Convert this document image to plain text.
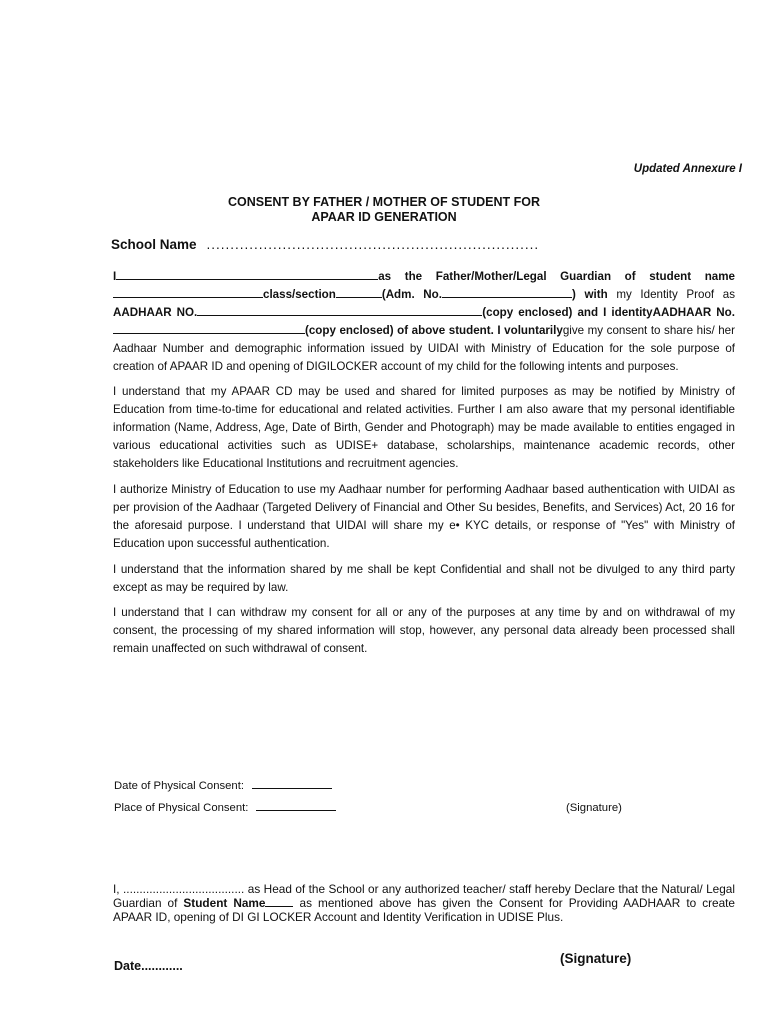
Updated Annexure I
CONSENT BY FATHER / MOTHER OF STUDENT FOR
APAAR ID GENERATION
School Name ......................................................................

I	as the Father/Mother/Legal Guardian of student nameclass/section	(Adm. No.	) with my Identity Proof as AADHAAR NO.	(copy enclosed) and I identityAADHAAR No.(copy enclosed) of above student. I voluntarilygive my consent to share his/ her Aadhaar Number and demographic information issued by UIDAI with Ministry of Education for the sole purpose of creation of APAAR ID and opening of DIGILOCKER account of my child for the following intents and purposes.

I understand that my APAAR CD may be used and shared for limited purposes as may be notified by Ministry of Education from time-to-time for educational and related activities. Further I am also aware that my personal identifiable information (Name, Address, Age, Date of Birth, Gender and Photograph) may be made available to entities engaged in various educational activities such as UDISE+ database, scholarships, maintenance academic records, other stakeholders like Educational Institutions and recruitment agencies.

I authorize Ministry of Education to use my Aadhaar number for performing Aadhaar based authentication with UIDAI as per provision of the Aadhaar (Targeted Delivery of Financial and Other Su besides, Benefits, and Services) Act, 20 16 for the aforesaid purpose. I understand that UIDAI will share my e• KYC details, or response of "Yes" with Ministry of Education upon successful authentication.

I understand that the information shared by me shall be kept Confidential and shall not be divulged to any third party except as may be required by law.

I understand that I can withdraw my consent for all or any of the purposes at any time by and on withdrawal of my consent, the processing of my shared information will stop, however, any personal data already been processed shall remain unaffected on such withdrawal of consent.

Date of Physical Consent:
Place of Physical Consent:	(Signature)
I, ..................................... as Head of the School or any authorized teacher/ staff hereby Declare that the Natural/ Legal Guardian of Student Name as mentioned above has given the Consent for Providing AADHAAR to create APAAR ID, opening of DI GI LOCKER Account and Identity Verification in UDISE Plus.
Date............	(Signature)
